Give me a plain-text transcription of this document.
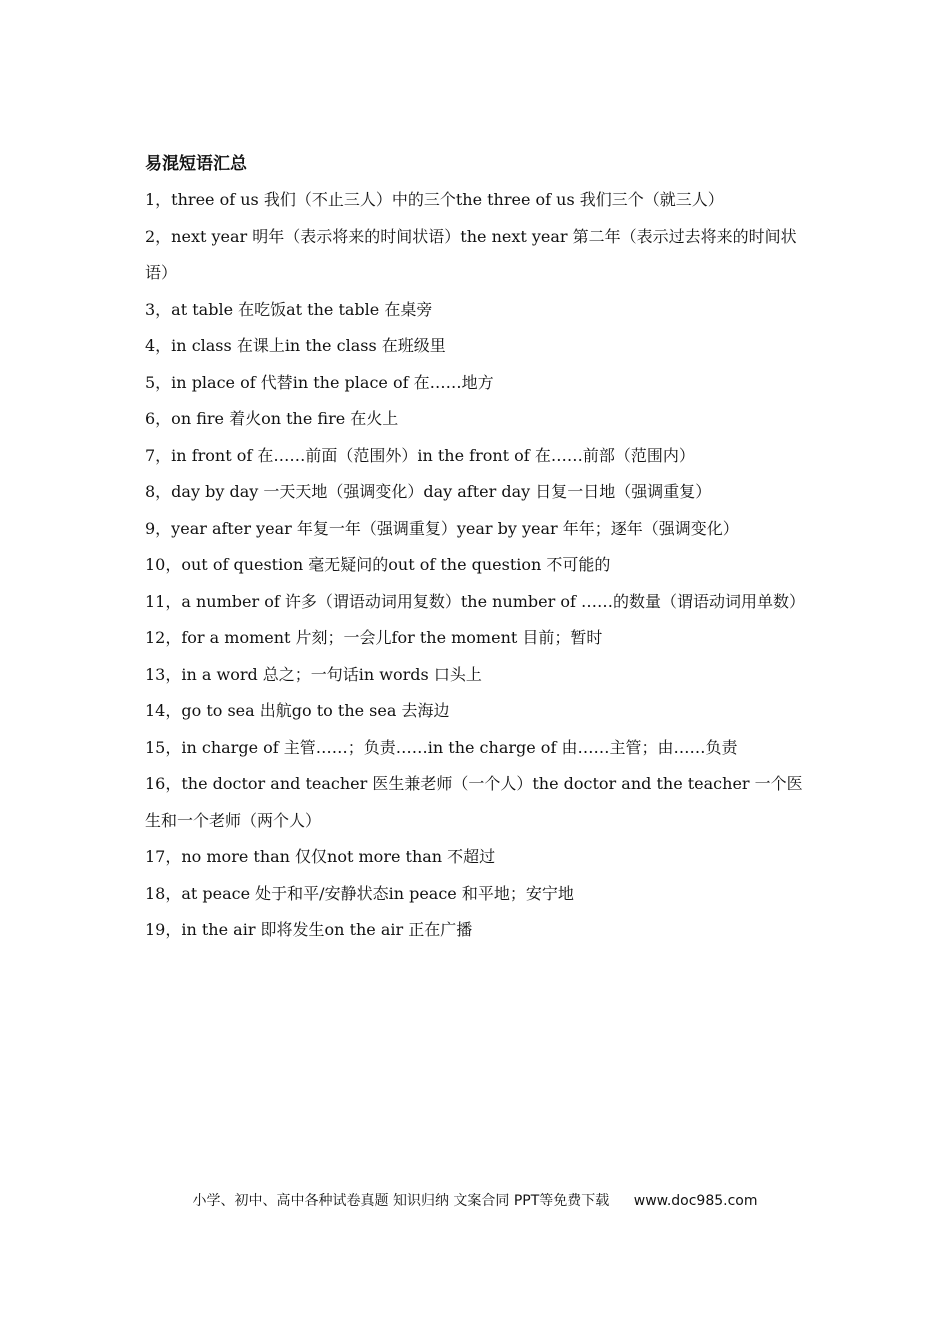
易混短语汇总
1，three of us 我们（不止三人）中的三个the three of us 我们三个（就三人）
2，next year 明年（表示将来的时间状语）the next year 第二年（表示过去将来的时间状语）
3，at table 在吃饭at the table 在桌旁
4，in class 在课上in the class 在班级里
5，in place of 代替in the place of 在……地方
6，on fire 着火on the fire 在火上
7，in front of 在……前面（范围外）in the front of 在……前部（范围内）
8，day by day 一天天地（强调变化）day after day 日复一日地（强调重复）
9，year after year 年复一年（强调重复）year by year 年年；逐年（强调变化）
10，out of question 毫无疑问的out of the question 不可能的
11，a number of 许多（谓语动词用复数）the number of ……的数量（谓语动词用单数）
12，for a moment 片刻；一会儿for the moment 目前；暂时
13，in a word 总之；一句话in words 口头上
14，go to sea 出航go to the sea 去海边
15，in charge of 主管……；负责……in the charge of 由……主管；由……负责
16，the doctor and teacher 医生兼老师（一个人）the doctor and the teacher 一个医生和一个老师（两个人）
17，no more than 仅仅not more than 不超过
18，at peace 处于和平/安静状态in peace 和平地；安宁地
19，in the air 即将发生on the air 正在广播
小学、初中、高中各种试卷真题 知识归纳 文案合同 PPT等免费下载 www.doc985.com
